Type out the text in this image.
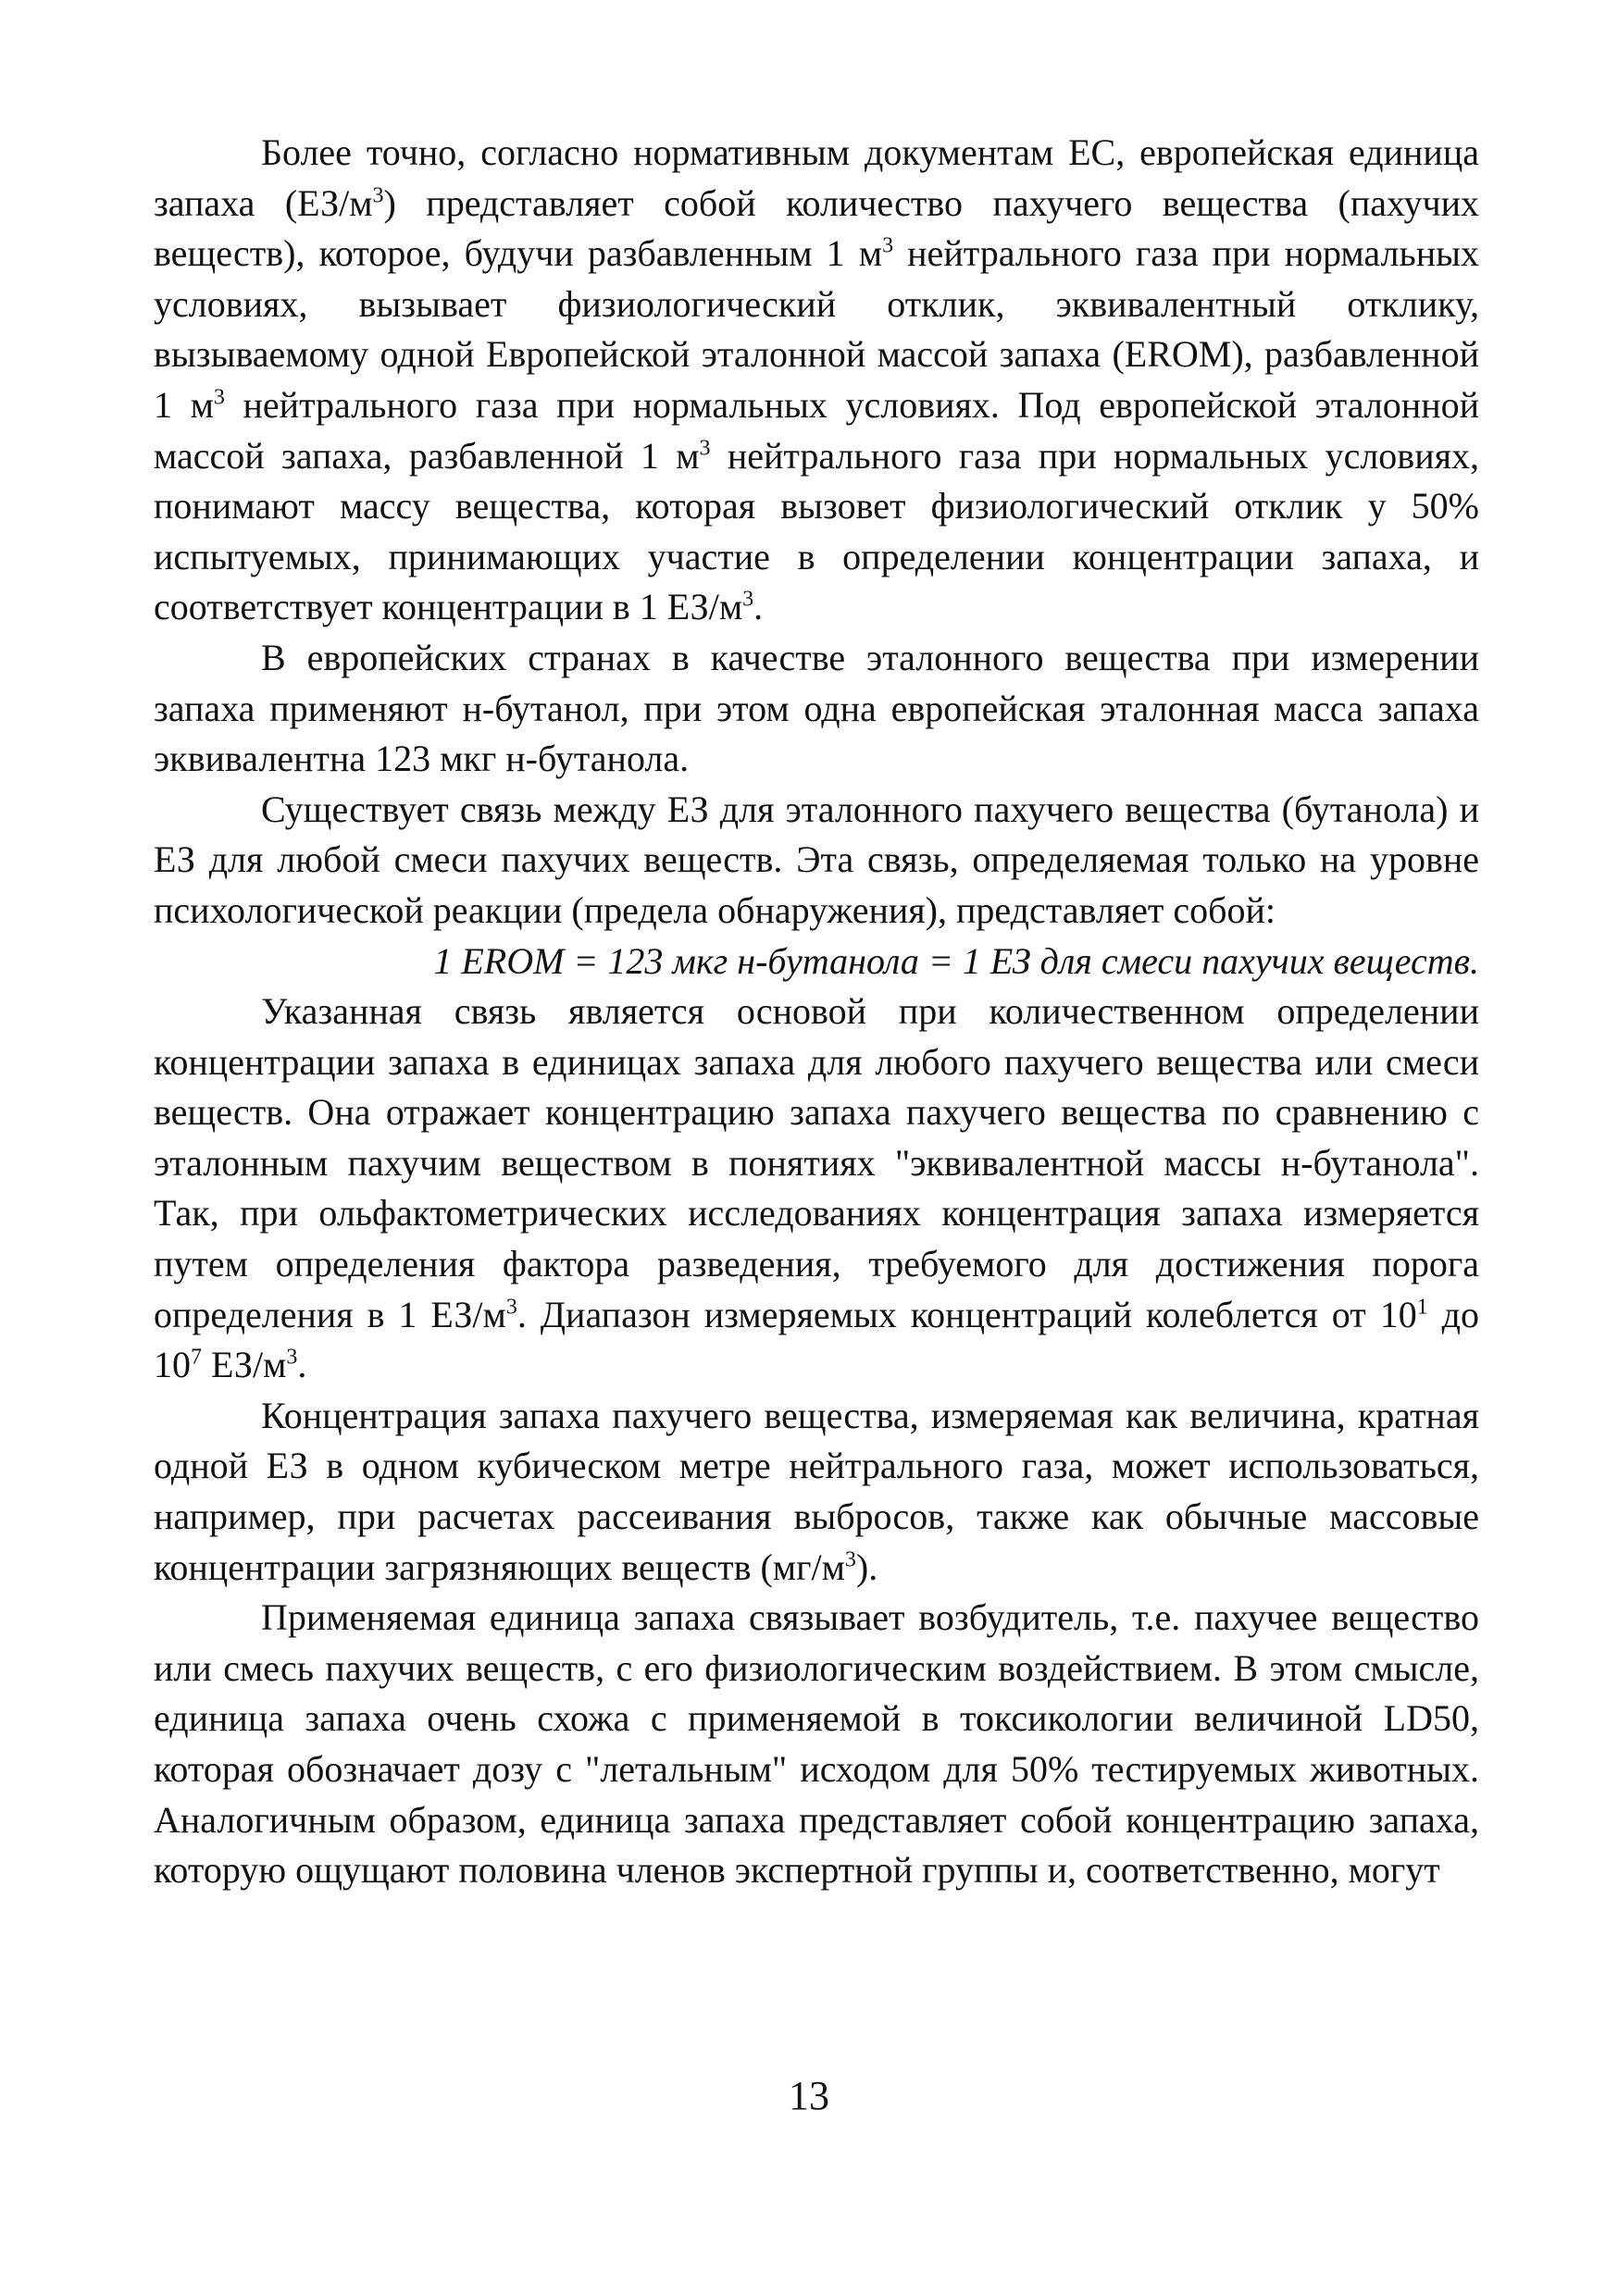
Более точно, согласно нормативным документам ЕС, европейская единица запаха $(ЕЗ/м^3)$ представляет собой количество пахучего вещества (пахучих веществ), которое, будучи разбавленным 1 $м^3$ нейтрального газа при нормальных условиях, вызывает физиологический отклик, эквивалентный отклику, вызываемому одной Европейской эталонной массой запаха (EROM), разбавленной 1 $м^3$ нейтрального газа при нормальных условиях. Под европейской эталонной массой запаха, разбавленной 1 $м^3$ нейтрального газа при нормальных условиях, понимают массу вещества, которая вызовет физиологический отклик у 50% испытуемых, принимающих участие в определении концентрации запаха, и соответствует концентрации в 1 $ЕЗ/м^3$.

В европейских странах в качестве эталонного вещества при измерении запаха применяют н-бутанол, при этом одна европейская эталонная масса запаха эквивалентна 123 мкг н-бутанола.

Существует связь между ЕЗ для эталонного пахучего вещества (бутанола) и ЕЗ для любой смеси пахучих веществ. Эта связь, определяемая только на уровне психологической реакции (предела обнаружения), представляет собой:

1 EROM = 123 мкг н-бутанола = 1 ЕЗ для смеси пахучих веществ.

Указанная связь является основой при количественном определении концентрации запаха в единицах запаха для любого пахучего вещества или смеси веществ. Она отражает концентрацию запаха пахучего вещества по сравнению с эталонным пахучим веществом в понятиях "эквивалентной массы н-бутанола". Так, при ольфактометрических исследованиях концентрация запаха измеряется путем определения фактора разведения, требуемого для достижения порога определения в 1 $ЕЗ/м^3$. Диапазон измеряемых концентраций колеблется от $10^1$ до $10^7$ $ЕЗ/м^3$.

Концентрация запаха пахучего вещества, измеряемая как величина, кратная одной ЕЗ в одном кубическом метре нейтрального газа, может использоваться, например, при расчетах рассеивания выбросов, также как обычные массовые концентрации загрязняющих веществ $(мг/м^3)$.

Применяемая единица запаха связывает возбудитель, т.е. пахучее вещество или смесь пахучих веществ, с его физиологическим воздействием. В этом смысле, единица запаха очень схожа с применяемой в токсикологии величиной LD50, которая обозначает дозу с "летальным" исходом для 50% тестируемых животных. Аналогичным образом, единица запаха представляет собой концентрацию запаха, которую ощущают половина членов экспертной группы и, соответственно, могут

13
